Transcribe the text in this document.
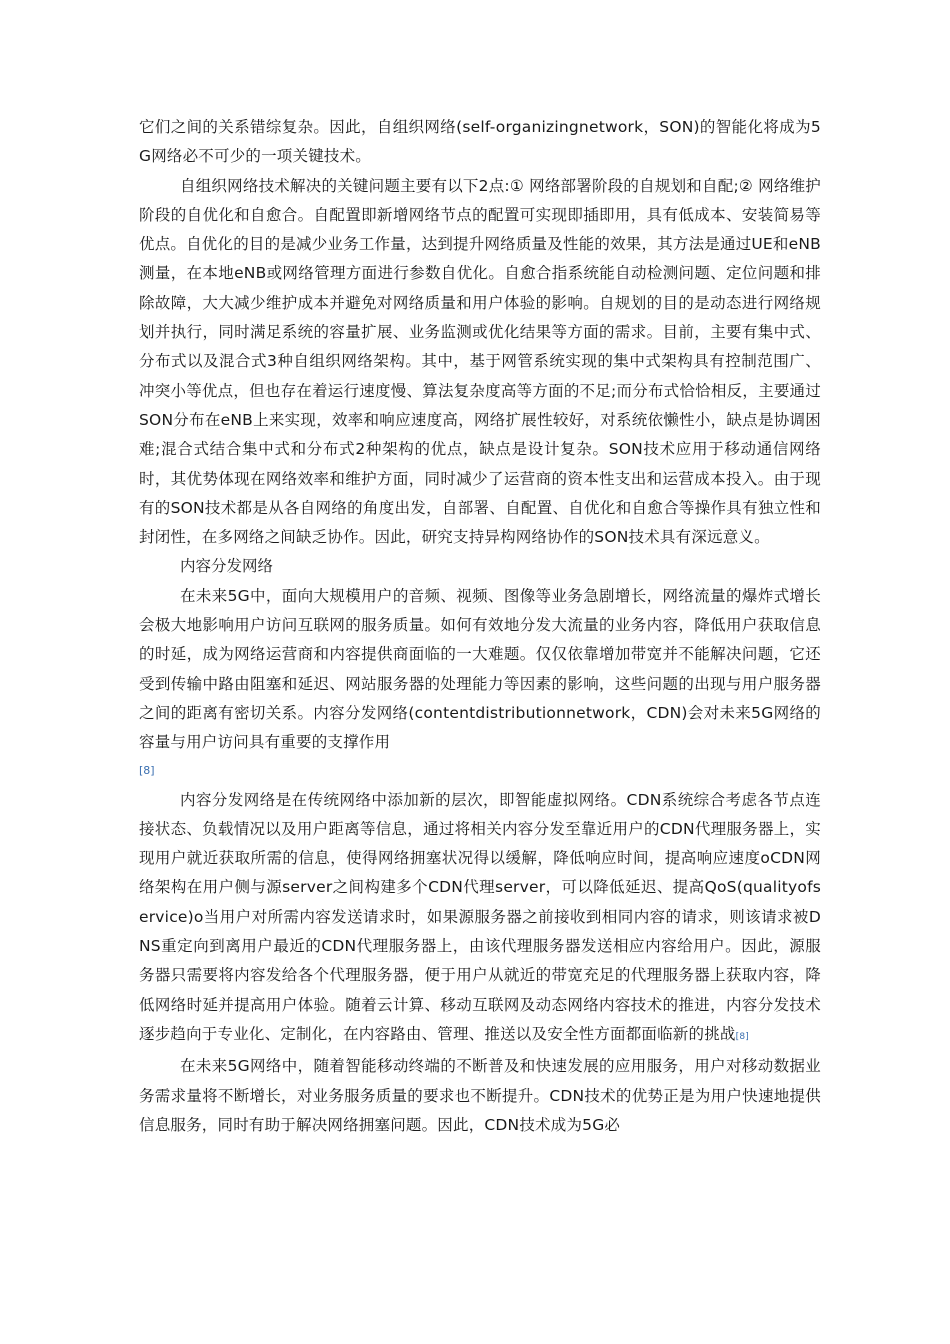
它们之间的关系错综复杂。因此，自组织网络(self-organizingnetwork，SON)的智能化将成为5G网络必不可少的一项关键技术。

自组织网络技术解决的关键问题主要有以下2点:① 网络部署阶段的自规划和自配;② 网络维护阶段的自优化和自愈合。自配置即新增网络节点的配置可实现即插即用，具有低成本、安装简易等优点。自优化的目的是减少业务工作量，达到提升网络质量及性能的效果，其方法是通过UE和eNB测量，在本地eNB或网络管理方面进行参数自优化。自愈合指系统能自动检测问题、定位问题和排除故障，大大减少维护成本并避免对网络质量和用户体验的影响。自规划的目的是动态进行网络规划并执行，同时满足系统的容量扩展、业务监测或优化结果等方面的需求。目前，主要有集中式、分布式以及混合式3种自组织网络架构。其中，基于网管系统实现的集中式架构具有控制范围广、冲突小等优点，但也存在着运行速度慢、算法复杂度高等方面的不足;而分布式恰恰相反，主要通过SON分布在eNB上来实现，效率和响应速度高，网络扩展性较好，对系统依懒性小，缺点是协调困难;混合式结合集中式和分布式2种架构的优点，缺点是设计复杂。SON技术应用于移动通信网络时，其优势体现在网络效率和维护方面，同时减少了运营商的资本性支出和运营成本投入。由于现有的SON技术都是从各自网络的角度出发，自部署、自配置、自优化和自愈合等操作具有独立性和封闭性，在多网络之间缺乏协作。因此，研究支持异构网络协作的SON技术具有深远意义。

内容分发网络

在未来5G中，面向大规模用户的音频、视频、图像等业务急剧增长，网络流量的爆炸式增长会极大地影响用户访问互联网的服务质量。如何有效地分发大流量的业务内容，降低用户获取信息的时延，成为网络运营商和内容提供商面临的一大难题。仅仅依靠增加带宽并不能解决问题，它还受到传输中路由阻塞和延迟、网站服务器的处理能力等因素的影响，这些问题的出现与用户服务器之间的距离有密切关系。内容分发网络(contentdistributionnetwork，CDN)会对未来5G网络的容量与用户访问具有重要的支撑作用

[8]

内容分发网络是在传统网络中添加新的层次，即智能虚拟网络。CDN系统综合考虑各节点连接状态、负载情况以及用户距离等信息，通过将相关内容分发至靠近用户的CDN代理服务器上，实现用户就近获取所需的信息，使得网络拥塞状况得以缓解，降低响应时间，提高响应速度oCDN网络架构在用户侧与源server之间构建多个CDN代理server，可以降低延迟、提高QoS(qualityofservice)o当用户对所需内容发送请求时，如果源服务器之前接收到相同内容的请求，则该请求被DNS重定向到离用户最近的CDN代理服务器上，由该代理服务器发送相应内容给用户。因此，源服务器只需要将内容发给各个代理服务器，便于用户从就近的带宽充足的代理服务器上获取内容，降低网络时延并提高用户体验。随着云计算、移动互联网及动态网络内容技术的推进，内容分发技术逐步趋向于专业化、定制化，在内容路由、管理、推送以及安全性方面都面临新的挑战[8]

在未来5G网络中，随着智能移动终端的不断普及和快速发展的应用服务，用户对移动数据业务需求量将不断增长，对业务服务质量的要求也不断提升。CDN技术的优势正是为用户快速地提供信息服务，同时有助于解决网络拥塞问题。因此，CDN技术成为5G必
